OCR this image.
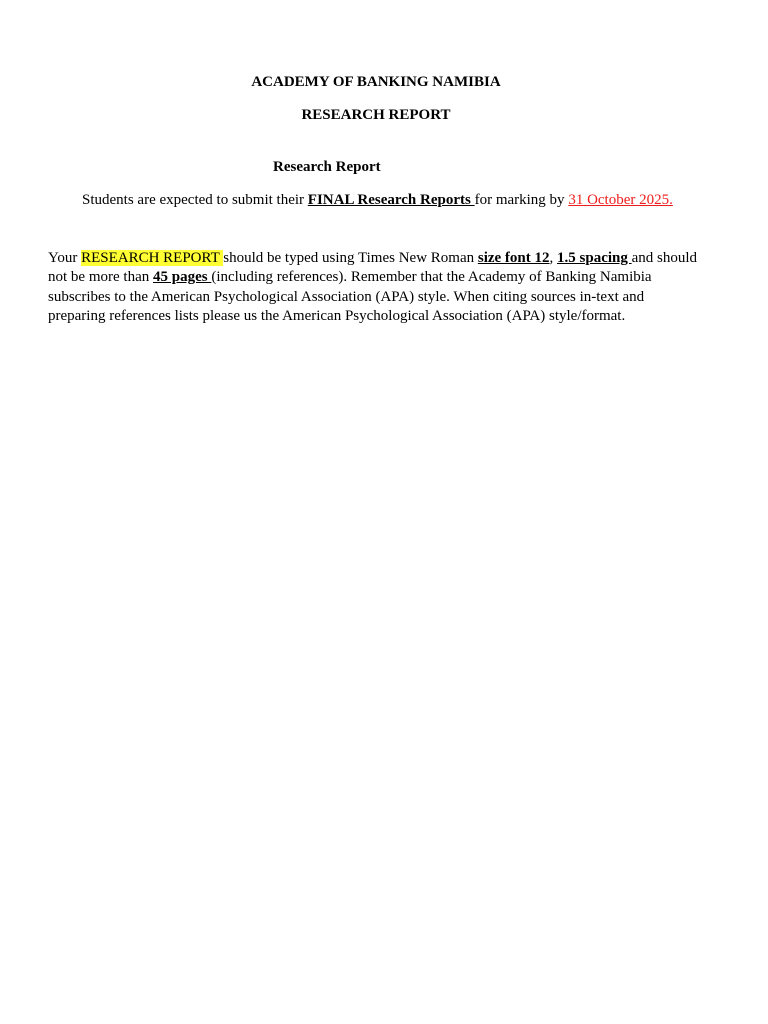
ACADEMY OF BANKING NAMIBIA
RESEARCH REPORT
Research Report
Students are expected to submit their FINAL Research Reports for marking by 31 October 2025.
Your RESEARCH REPORT should be typed using Times New Roman size font 12, 1.5 spacing and should
not be more than 45 pages (including references). Remember that the Academy of Banking Namibia
subscribes to the American Psychological Association (APA) style. When citing sources in-text and
preparing references lists please us the American Psychological Association (APA) style/format.
